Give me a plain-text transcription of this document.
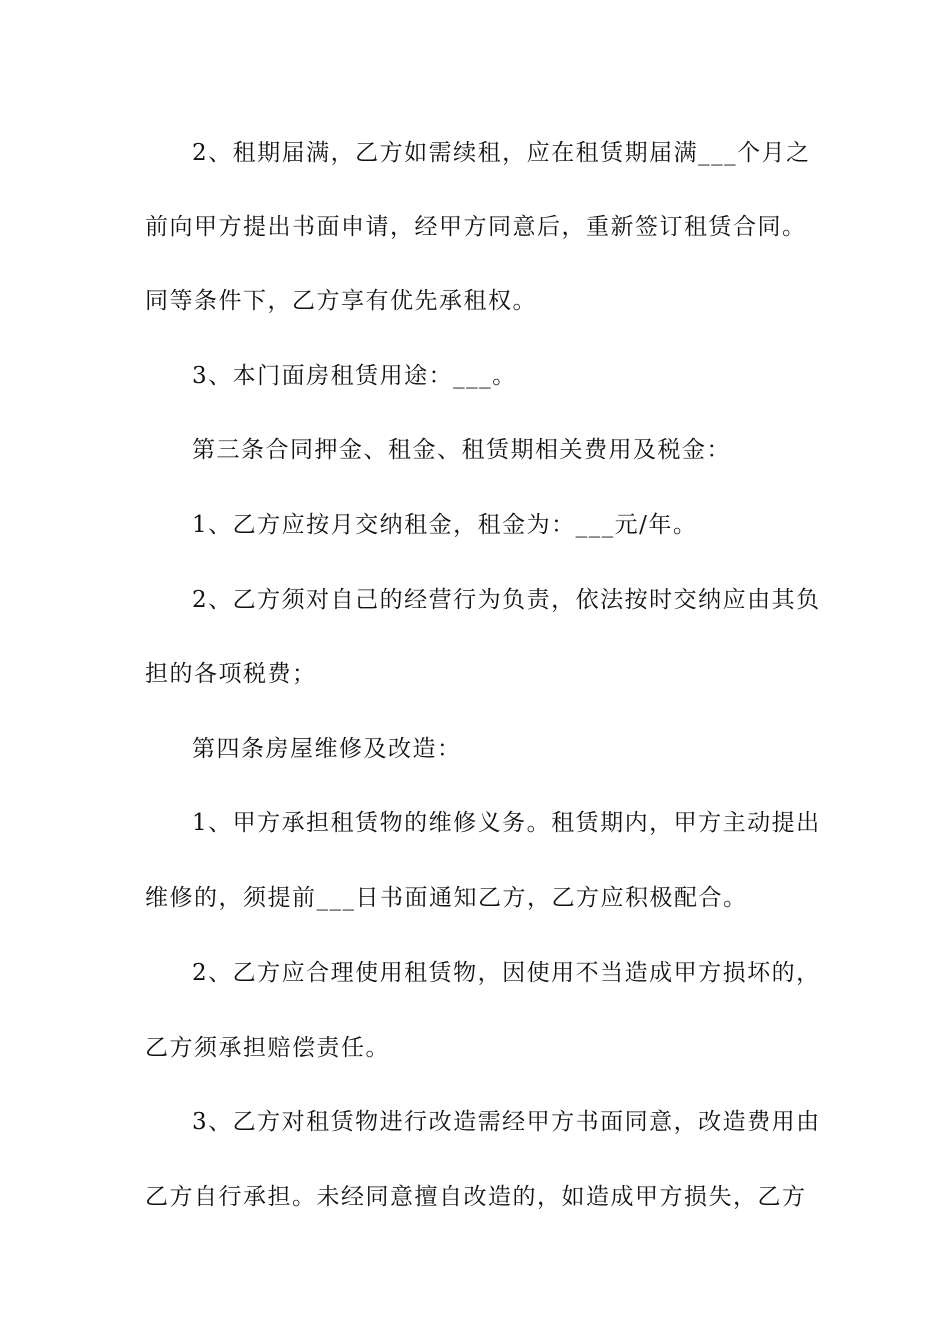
2、租期届满，乙方如需续租，应在租赁期届满___个月之
前向甲方提出书面申请，经甲方同意后，重新签订租赁合同。
同等条件下，乙方享有优先承租权。
3、本门面房租赁用途：___。
第三条合同押金、租金、租赁期相关费用及税金：
1、乙方应按月交纳租金，租金为：___元/年。
2、乙方须对自己的经营行为负责，依法按时交纳应由其负
担的各项税费；
第四条房屋维修及改造：
1、甲方承担租赁物的维修义务。租赁期内，甲方主动提出
维修的，须提前___日书面通知乙方，乙方应积极配合。
2、乙方应合理使用租赁物，因使用不当造成甲方损坏的，
乙方须承担赔偿责任。
3、乙方对租赁物进行改造需经甲方书面同意，改造费用由
乙方自行承担。未经同意擅自改造的，如造成甲方损失，乙方
